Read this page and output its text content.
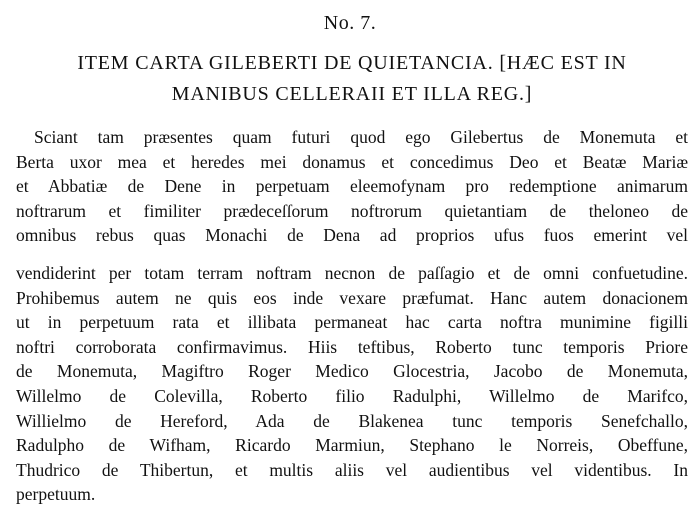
No. 7.
ITEM CARTA GILEBERTI DE QUIETANCIA. [HÆC EST IN
MANIBUS CELLERAII ET ILLA REG.]
Sciant tam præsentes quam futuri quod ego Gilebertus de Monemuta et
Berta uxor mea et heredes mei donamus et concedimus Deo et Beatæ Mariæ
et Abbatiæ de Dene in perpetuam eleemofynam pro redemptione animarum
noftrarum et fimiliter prædeceſſorum noftrorum quietantiam de theloneo de
omnibus rebus quas Monachi de Dena ad proprios ufus fuos emerint vel
vendiderint per totam terram noftram necnon de paſſagio et de omni confuetudine.
Prohibemus autem ne quis eos inde vexare præfumat. Hanc autem donacionem
ut in perpetuum rata et illibata permaneat hac carta noftra munimine figilli
noftri corroborata confirmavimus. Hiis teftibus, Roberto tunc temporis Priore
de Monemuta, Magiftro Roger Medico Glocestria, Jacobo de Monemuta,
Willelmo de Colevilla, Roberto filio Radulphi, Willelmo de Marifco,
Willielmo de Hereford, Ada de Blakenea tunc temporis Senefchallo,
Radulpho de Wifham, Ricardo Marmiun, Stephano le Norreis, Obeffune,
Thudrico de Thibertun, et multis aliis vel audientibus vel videntibus. In
perpetuum.
